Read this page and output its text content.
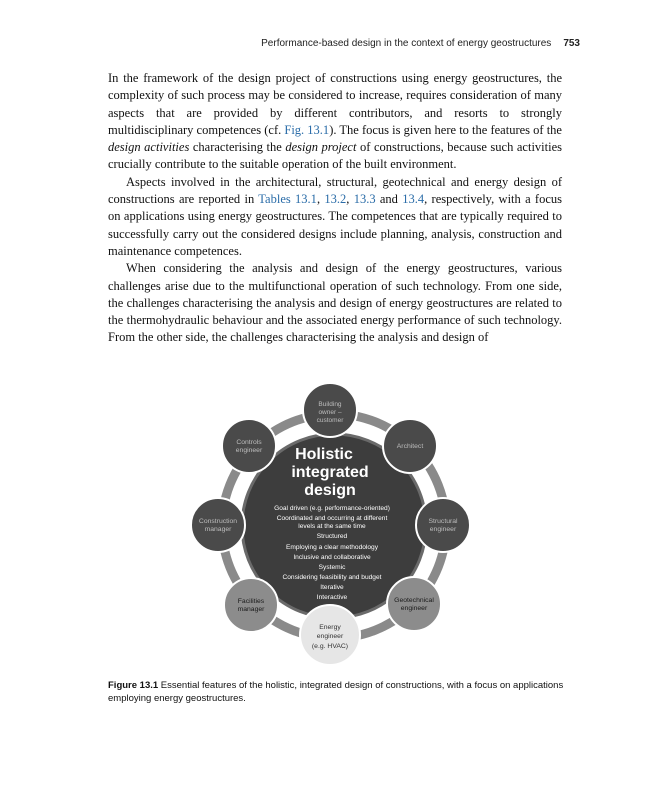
Performance-based design in the context of energy geostructures 753

In the framework of the design project of constructions using energy geostructures, the complexity of such process may be considered to increase, requires consideration of many aspects that are provided by different contributors, and resorts to strongly multidisciplinary competences (cf. Fig. 13.1). The focus is given here to the features of the design activities characterising the design project of constructions, because such activities crucially contribute to the suitable operation of the built environment.

Aspects involved in the architectural, structural, geotechnical and energy design of constructions are reported in Tables 13.1, 13.2, 13.3 and 13.4, respectively, with a focus on applications using energy geostructures. The competences that are typically required to successfully carry out the considered designs include planning, analysis, construction and maintenance competences.

When considering the analysis and design of the energy geostructures, various challenges arise due to the multifunctional operation of such technology. From one side, the challenges characterising the analysis and design of energy geostructures are related to the thermohydraulic behaviour and the associated energy performance of such technology. From the other side, the challenges characterising the analysis and design of

Holistic
integrated
design
Goal driven (e.g. performance-oriented)
Coordinated and occurring at different
levels at the same time
Structured
Employing a clear methodology
Inclusive and collaborative
Systemic
Considering feasibility and budget
Iterative
Interactive
Building
owner –
customer
Architect
Structural
engineer
Geotechnical
engineer
Energy
engineer
(e.g. HVAC)
Facilities
manager
Construction
manager
Controls
engineer
Figure 13.1 Essential features of the holistic, integrated design of constructions, with a focus on applications employing energy geostructures.
